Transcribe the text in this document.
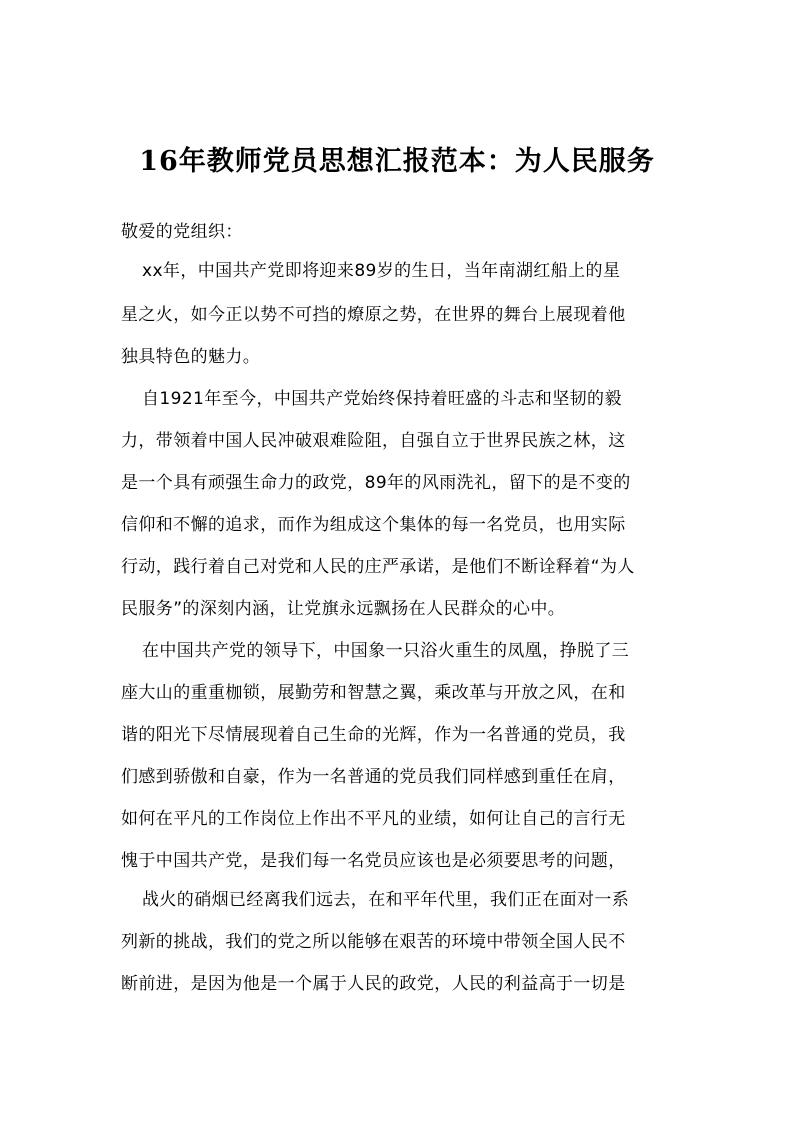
16年教师党员思想汇报范本：为人民服务
敬爱的党组织：
xx年，中国共产党即将迎来89岁的生日，当年南湖红船上的星
星之火，如今正以势不可挡的燎原之势，在世界的舞台上展现着他
独具特色的魅力。
自1921年至今，中国共产党始终保持着旺盛的斗志和坚韧的毅
力，带领着中国人民冲破艰难险阻，自强自立于世界民族之林，这
是一个具有顽强生命力的政党，89年的风雨洗礼，留下的是不变的
信仰和不懈的追求，而作为组成这个集体的每一名党员，也用实际
行动，践行着自己对党和人民的庄严承诺，是他们不断诠释着“为人
民服务”的深刻内涵，让党旗永远飘扬在人民群众的心中。
在中国共产党的领导下，中国象一只浴火重生的凤凰，挣脱了三
座大山的重重枷锁，展勤劳和智慧之翼，乘改革与开放之风，在和
谐的阳光下尽情展现着自己生命的光辉，作为一名普通的党员，我
们感到骄傲和自豪，作为一名普通的党员我们同样感到重任在肩，
如何在平凡的工作岗位上作出不平凡的业绩，如何让自己的言行无
愧于中国共产党，是我们每一名党员应该也是必须要思考的问题，
战火的硝烟已经离我们远去，在和平年代里，我们正在面对一系
列新的挑战，我们的党之所以能够在艰苦的环境中带领全国人民不
断前进，是因为他是一个属于人民的政党，人民的利益高于一切是
